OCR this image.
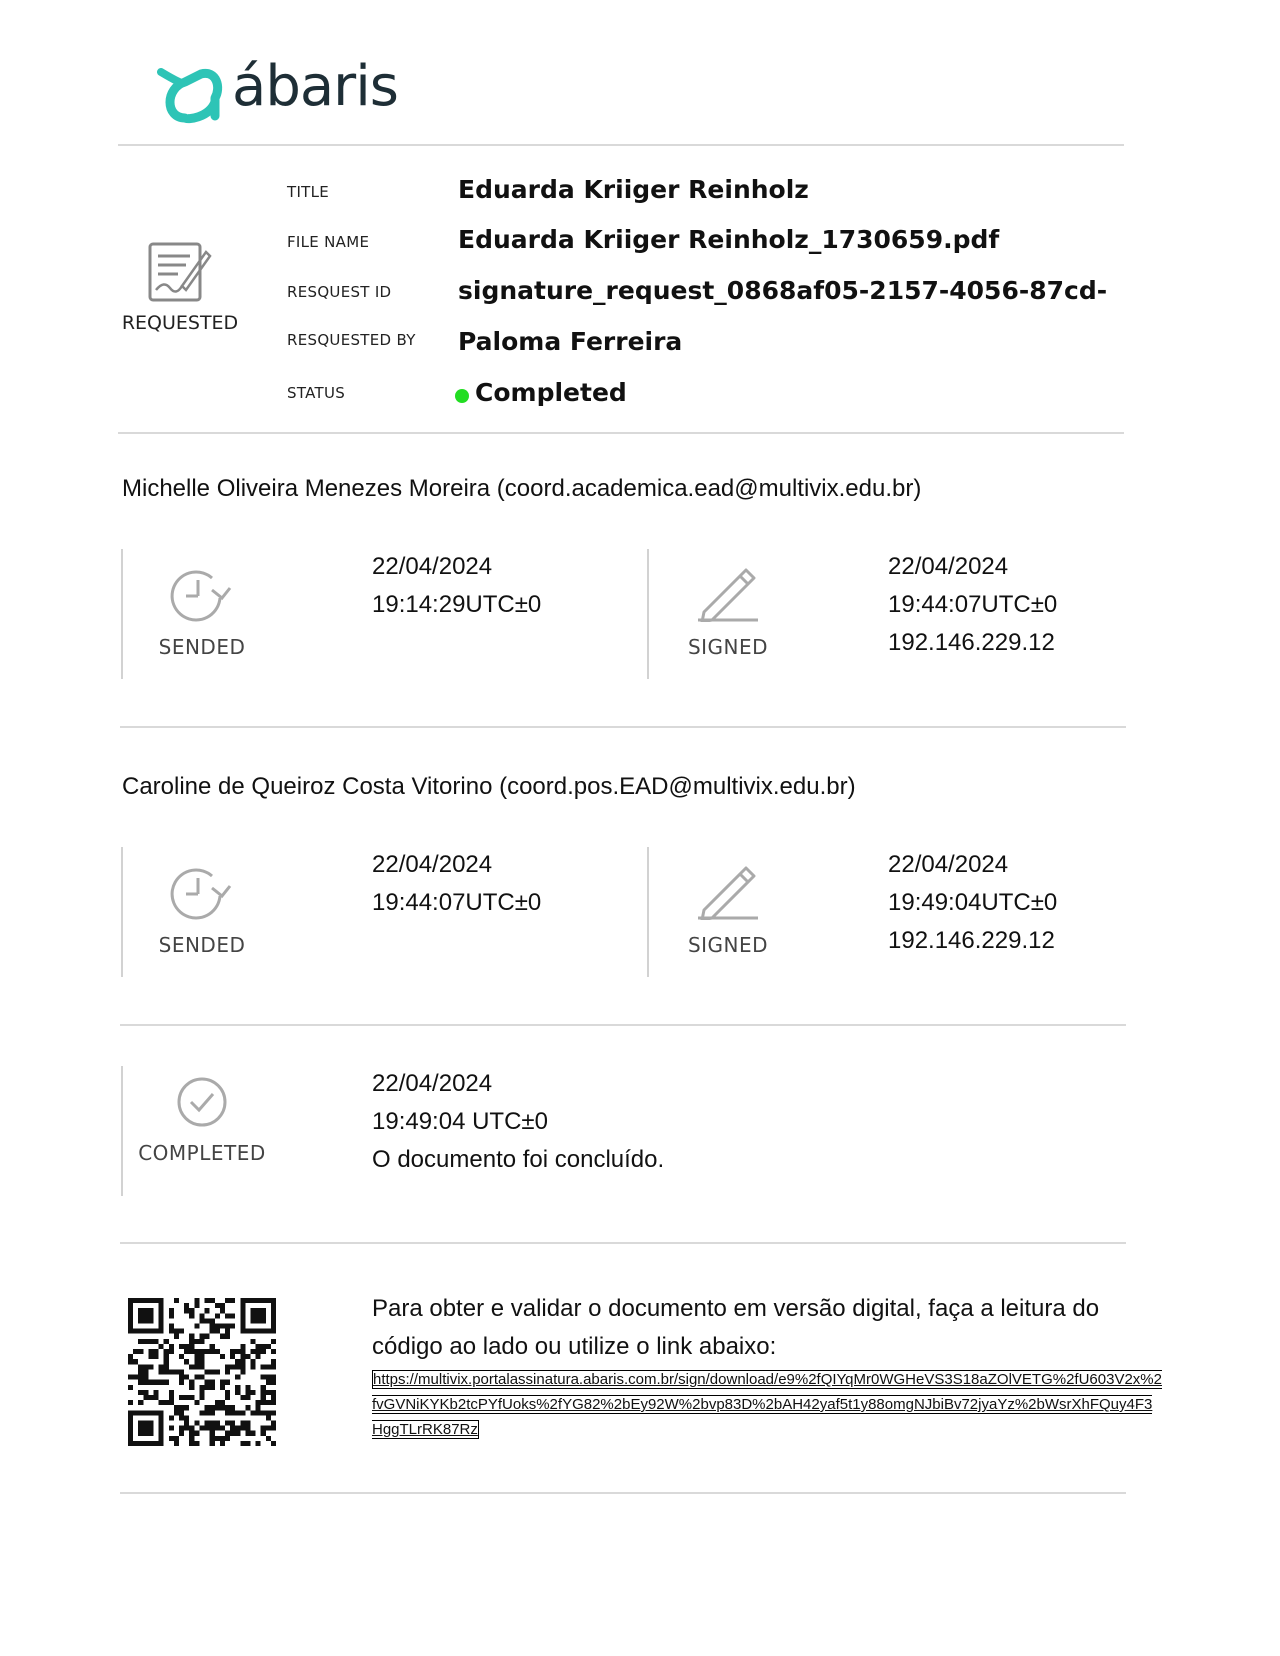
ábaris
REQUESTED
TITLE	Eduarda Kriiger Reinholz
FILE NAME	Eduarda Kriiger Reinholz_1730659.pdf
RESQUEST ID	signature_request_0868af05-2157-4056-87cd-
RESQUESTED BY Paloma Ferreira
STATUS	Completed
Michelle Oliveira Menezes Moreira (coord.academica.ead@multivix.edu.br)
SENDED
22/04/2024
19:14:29UTC±0
SIGNED
22/04/2024
19:44:07UTC±0
192.146.229.12
Caroline de Queiroz Costa Vitorino (coord.pos.EAD@multivix.edu.br)
SENDED
22/04/2024
19:44:07UTC±0
SIGNED
22/04/2024
19:49:04UTC±0
192.146.229.12
COMPLETED
22/04/2024
19:49:04 UTC±0
O documento foi concluído.
Para obter e validar o documento em versão digital, faça a leitura do código ao lado ou utilize o link abaixo:
https://multivix.portalassinatura.abaris.com.br/sign/download/e9%2fQIYqMr0WGHeVS3S18aZOlVETG%2fU603V2x%2fvGVNiKYKb2tcPYfUoks%2fYG82%2bEy92W%2bvp83D%2bAH42yaf5t1y88omgNJbiBv72jyaYz%2bWsrXhFQuy4F3HggTLrRK87Rz
